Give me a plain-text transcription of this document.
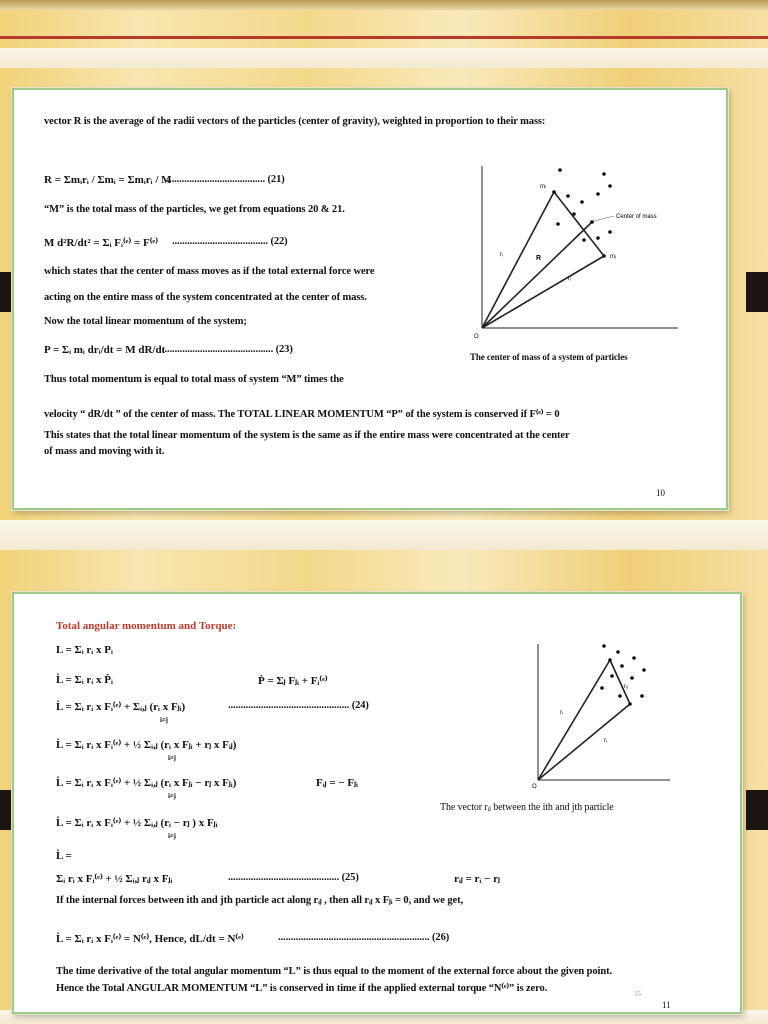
vector R is the average of the radii vectors of the particles (center of gravity), weighted in proportion to their mass:
R = Σmᵢrᵢ / Σmᵢ = Σmᵢrᵢ / M
........................................ (21)
“M” is the total mass of the particles, we get from equations 20 & 21.
M d²R/dt² = Σᵢ Fᵢ⁽ᵉ⁾ = F⁽ᵉ⁾ ...................................... (22)
which states that the center of mass moves as if the total external force were
acting on the entire mass of the system concentrated at the center of mass.
Now the total linear momentum of the system;
P = Σᵢ mᵢ drᵢ/dt = M dR/dt
............................................ (23)
Thus total momentum is equal to total mass of system “M” times the
velocity “ dR/dt ” of the center of mass. The TOTAL LINEAR MOMENTUM “P” of the system is conserved if F⁽ᵉ⁾ = 0
This states that the total linear momentum of the system is the same as if the entire mass were concentrated at the center
of mass and moving with it.
mᵢ
rᵢ	R
rⱼ
mⱼ
Center of mass
O
The center of mass of a system of particles
10
Total angular momentum and Torque:
L = Σᵢ rᵢ x Pᵢ
L̇ = Σᵢ rᵢ x Ṗᵢ	Ṗ = Σⱼ Fⱼᵢ + Fᵢ⁽ᵉ⁾
L̇ = Σᵢ rᵢ x Fᵢ⁽ᵉ⁾ + Σᵢ,ⱼ (rᵢ x Fⱼᵢ)	................................................ (24)
i≠j
L̇ = Σᵢ rᵢ x Fᵢ⁽ᵉ⁾ + ½ Σᵢ,ⱼ (rᵢ x Fⱼᵢ + rⱼ x Fᵢⱼ)
i≠j
L̇ = Σᵢ rᵢ x Fᵢ⁽ᵉ⁾ + ½ Σᵢ,ⱼ (rᵢ x Fⱼᵢ − rⱼ x Fⱼᵢ)	Fᵢⱼ = − Fⱼᵢ
i≠j
L̇ = Σᵢ rᵢ x Fᵢ⁽ᵉ⁾ + ½ Σᵢ,ⱼ (rᵢ − rⱼ ) x Fⱼᵢ
i≠j
L̇ =
Σᵢ rᵢ x Fᵢ⁽ᵉ⁾ + ½ Σᵢ,ⱼ rᵢⱼ x Fⱼᵢ	............................................ (25)	rᵢⱼ = rᵢ − rⱼ
If the internal forces between ith and jth particle act along rᵢⱼ , then all rᵢⱼ x Fⱼᵢ = 0, and we get,
L̇ = Σᵢ rᵢ x Fᵢ⁽ᵉ⁾ = N⁽ᵉ⁾, Hence, dL/dt = N⁽ᵉ⁾	............................................................ (26)
The time derivative of the total angular momentum “L” is thus equal to the moment of the external force about the given point.
Hence the Total ANGULAR MOMENTUM “L” is conserved in time if the applied external torque “N⁽ᵉ⁾” is zero.
rᵢ
rⱼ
rᵢⱼ
O
The vector rᵢⱼ between the ith and jth particle
15
11
